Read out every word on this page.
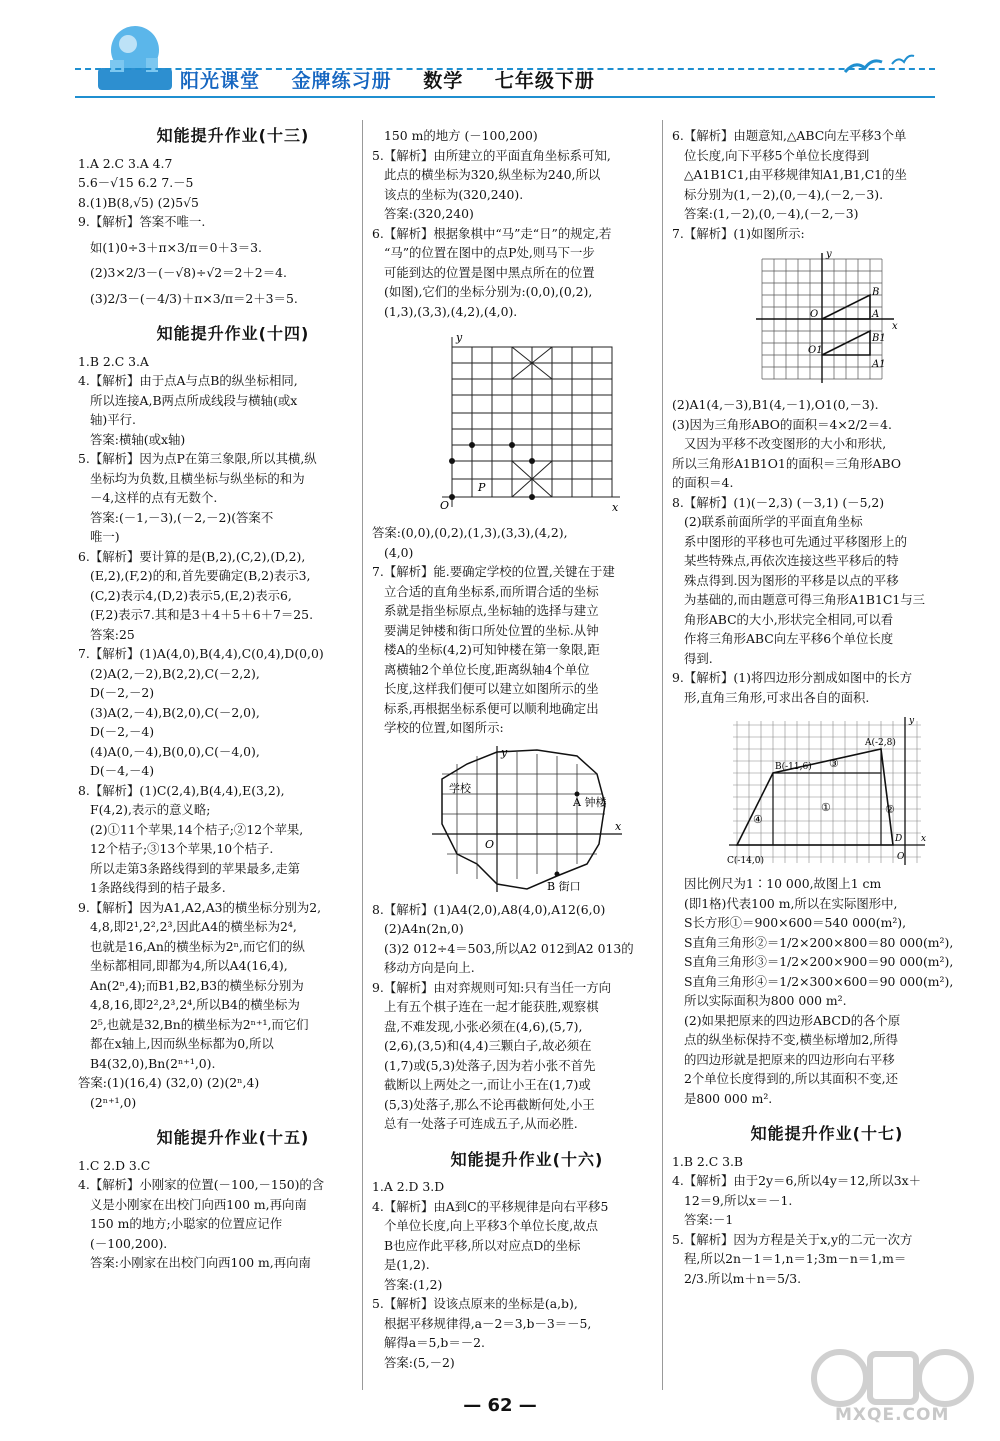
阳光课堂 金牌练习册 数学 七年级下册
知能提升作业(十三)
1.A 2.C 3.A 4.7
5.6－√15 6.2 7.－5
8.(1)B(8,√5) (2)5√5
9.【解析】答案不唯一.
如(1)0÷3＋π×3/π＝0＋3＝3.
(2)3×2/3－(－√8)÷√2＝2＋2＝4.
(3)2/3－(－4/3)＋π×3/π＝2＋3＝5.
知能提升作业(十四)
1.B 2.C 3.A
4.【解析】由于点A与点B的纵坐标相同,
所以连接A,B两点所成线段与横轴(或x
轴)平行.
答案:横轴(或x轴)
5.【解析】因为点P在第三象限,所以其横,纵
坐标均为负数,且横坐标与纵坐标的和为
－4,这样的点有无数个.
答案:(－1,－3),(－2,－2)(答案不
唯一)
6.【解析】要计算的是(B,2),(C,2),(D,2),
(E,2),(F,2)的和,首先要确定(B,2)表示3,
(C,2)表示4,(D,2)表示5,(E,2)表示6,
(F,2)表示7.其和是3＋4＋5＋6＋7＝25.
答案:25
7.【解析】(1)A(4,0),B(4,4),C(0,4),D(0,0)
(2)A(2,－2),B(2,2),C(－2,2),
D(－2,－2)
(3)A(2,－4),B(2,0),C(－2,0),
D(－2,－4)
(4)A(0,－4),B(0,0),C(－4,0),
D(－4,－4)
8.【解析】(1)C(2,4),B(4,4),E(3,2),
F(4,2),表示的意义略;
(2)①11个苹果,14个桔子;②12个苹果,
12个桔子;③13个苹果,10个桔子.
所以走第3条路线得到的苹果最多,走第
1条路线得到的桔子最多.
9.【解析】因为A1,A2,A3的横坐标分别为2,
4,8,即2¹,2²,2³,因此A4的横坐标为2⁴,
也就是16,An的横坐标为2ⁿ,而它们的纵
坐标都相同,即都为4,所以A4(16,4),
An(2ⁿ,4);而B1,B2,B3的横坐标分别为
4,8,16,即2²,2³,2⁴,所以B4的横坐标为
2⁵,也就是32,Bn的横坐标为2ⁿ⁺¹,而它们
都在x轴上,因而纵坐标都为0,所以
B4(32,0),Bn(2ⁿ⁺¹,0).
答案:(1)(16,4) (32,0) (2)(2ⁿ,4)
(2ⁿ⁺¹,0)
知能提升作业(十五)
1.C 2.D 3.C
4.【解析】小刚家的位置(－100,－150)的含
义是小刚家在出校门向西100 m,再向南
150 m的地方;小聪家的位置应记作
(－100,200).
答案:小刚家在出校门向西100 m,再向南
150 m的地方 (－100,200)
5.【解析】由所建立的平面直角坐标系可知,
此点的横坐标为320,纵坐标为240,所以
该点的坐标为(320,240).
答案:(320,240)
6.【解析】根据象棋中“马”走“日”的规定,若
“马”的位置在图中的点P处,则马下一步
可能到达的位置是图中黑点所在的位置
(如图),它们的坐标分别为:(0,0),(0,2),
(1,3),(3,3),(4,2),(4,0).
y
x
O
P
答案:(0,0),(0,2),(1,3),(3,3),(4,2),
(4,0)
7.【解析】能.要确定学校的位置,关键在于建
立合适的直角坐标系,而所谓合适的坐标
系就是指坐标原点,坐标轴的选择与建立
要满足钟楼和街口所处位置的坐标.从钟
楼A的坐标(4,2)可知钟楼在第一象限,距
离横轴2个单位长度,距离纵轴4个单位
长度,这样我们便可以建立如图所示的坐
标系,再根据坐标系便可以顺利地确定出
学校的位置,如图所示:
学校
A 钟楼
B 街口
O
x
y
8.【解析】(1)A4(2,0),A8(4,0),A12(6,0)
(2)A4n(2n,0)
(3)2 012÷4＝503,所以A2 012到A2 013的
移动方向是向上.
9.【解析】由对弈规则可知:只有当任一方向
上有五个棋子连在一起才能获胜,观察棋
盘,不难发现,小张必须在(4,6),(5,7),
(2,6),(3,5)和(4,4)三颗白子,故必须在
(1,7)或(5,3)处落子,因为若小张不首先
截断以上两处之一,而让小王在(1,7)或
(5,3)处落子,那么不论再截断何处,小王
总有一处落子可连成五子,从而必胜.
知能提升作业(十六)
1.A 2.D 3.D
4.【解析】由A到C的平移规律是向右平移5
个单位长度,向上平移3个单位长度,故点
B也应作此平移,所以对应点D的坐标
是(1,2).
答案:(1,2)
5.【解析】设该点原来的坐标是(a,b),
根据平移规律得,a－2＝3,b－3＝－5,
解得a＝5,b＝－2.
答案:(5,－2)
6.【解析】由题意知,△ABC向左平移3个单
位长度,向下平移5个单位长度得到
△A1B1C1,由平移规律知A1,B1,C1的坐
标分别为(1,－2),(0,－4),(－2,－3).
答案:(1,－2),(0,－4),(－2,－3)
7.【解析】(1)如图所示:
y
x
O
O1
A
B
A1
B1
(2)A1(4,－3),B1(4,－1),O1(0,－3).
(3)因为三角形ABO的面积＝4×2/2＝4.
又因为平移不改变图形的大小和形状,
所以三角形A1B1O1的面积＝三角形ABO
的面积＝4.
8.【解析】(1)(－2,3) (－3,1) (－5,2)
(2)联系前面所学的平面直角坐标
系中图形的平移也可先通过平移图形上的
某些特殊点,再依次连接这些平移后的特
殊点得到.因为图形的平移是以点的平移
为基础的,而由题意可得三角形A1B1C1与三
角形ABC的大小,形状完全相同,可以看
作将三角形ABC向左平移6个单位长度
得到.
9.【解析】(1)将四边形分割成如图中的长方
形,直角三角形,可求出各自的面积.
A(-2,8)
B(-11,6)
C(-14,0)
D
O
x
y
①	②
③
④
因比例尺为1∶10 000,故图上1 cm
(即1格)代表100 m,所以在实际图形中,
S长方形①＝900×600＝540 000(m²),
S直角三角形②＝1/2×200×800＝80 000(m²),
S直角三角形③＝1/2×200×900＝90 000(m²),
S直角三角形④＝1/2×300×600＝90 000(m²),
所以实际面积为800 000 m².
(2)如果把原来的四边形ABCD的各个原
点的纵坐标保持不变,横坐标增加2,所得
的四边形就是把原来的四边形向右平移
2个单位长度得到的,所以其面积不变,还
是800 000 m².
知能提升作业(十七)
1.B 2.C 3.B
4.【解析】由于2y＝6,所以4y＝12,所以3x＋
12＝9,所以x＝－1.
答案:－1
5.【解析】因为方程是关于x,y的二元一次方
程,所以2n－1＝1,n＝1;3m－n＝1,m＝
2/3.所以m＋n＝5/3.
— 62 —	MXQE.COM
